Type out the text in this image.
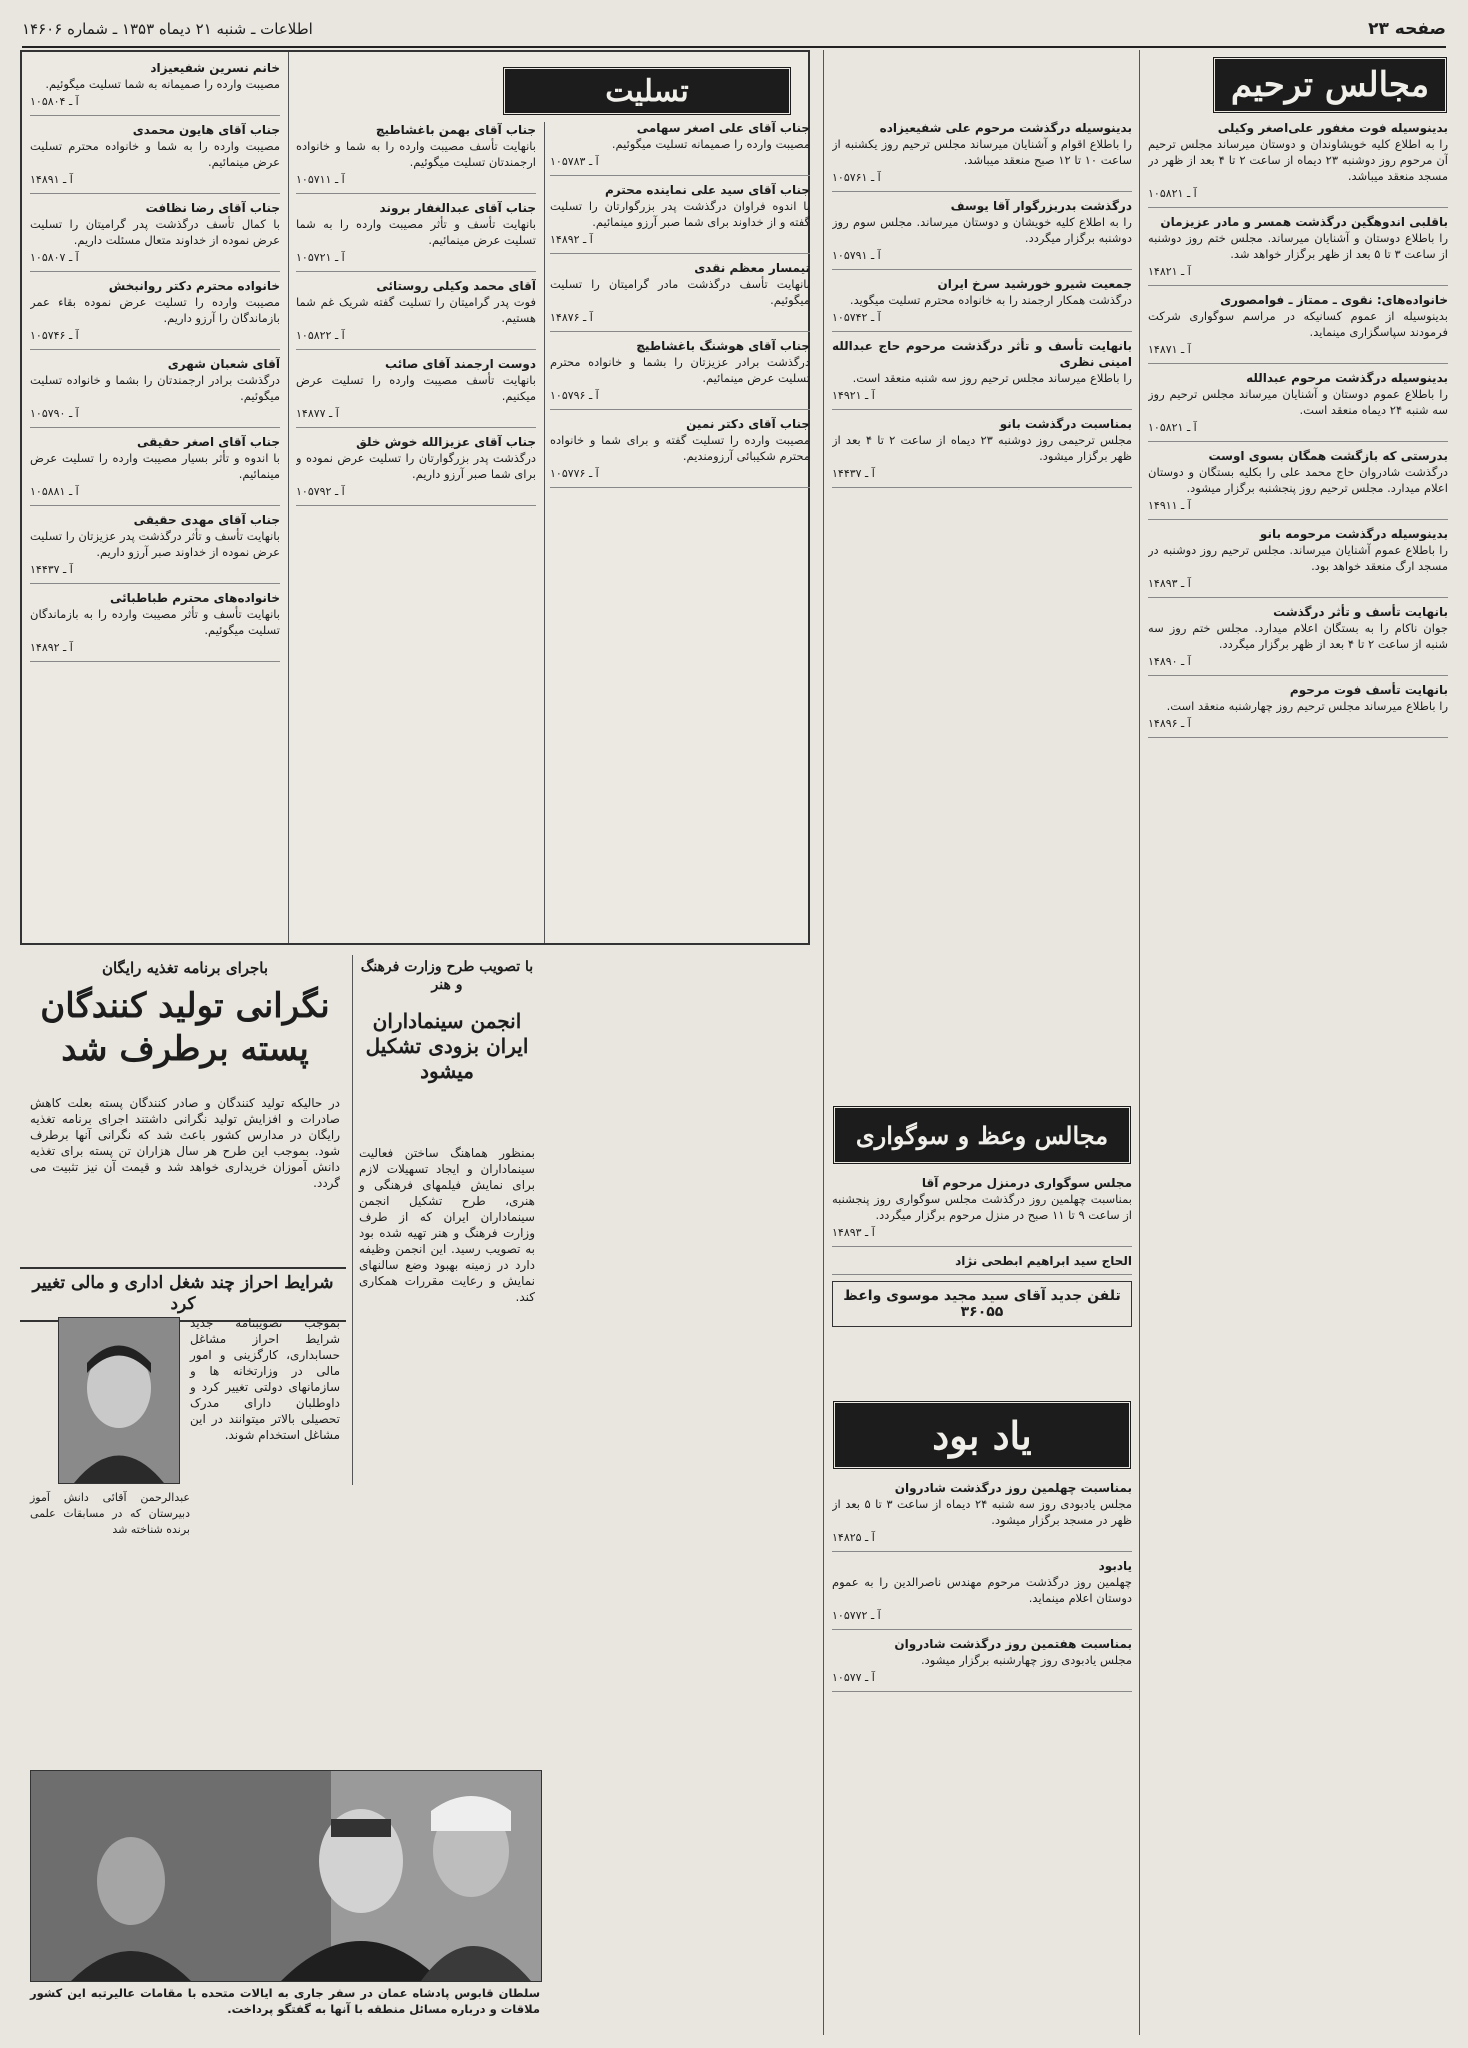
صفحه ۲۳
اطلاعات ـ شنبه ۲۱ دیماه ۱۳۵۳ ـ شماره ۱۴۶۰۶
مجالس ترحیم
بدینوسیله فوت مغفور علی‌اصغر وکیلی
را به اطلاع کلیه خویشاوندان و دوستان میرساند مجلس ترحیم آن مرحوم روز دوشنبه ۲۳ دیماه از ساعت ۲ تا ۴ بعد از ظهر در مسجد منعقد میباشد.
آ ـ ۱۰۵۸۲۱
باقلبی اندوهگین درگذشت همسر و مادر عزیزمان
را باطلاع دوستان و آشنایان میرساند. مجلس ختم روز دوشنبه از ساعت ۳ تا ۵ بعد از ظهر برگزار خواهد شد.
آ ـ ۱۴۸۲۱
خانواده‌های: نقوی ـ ممتاز ـ فوامصوری
بدینوسیله از عموم کسانیکه در مراسم سوگواری شرکت فرمودند سپاسگزاری مینماید.
آ ـ ۱۴۸۷۱
بدینوسیله درگذشت مرحوم عبدالله
را باطلاع عموم دوستان و آشنایان میرساند مجلس ترحیم روز سه شنبه ۲۴ دیماه منعقد است.
آ ـ ۱۰۵۸۲۱
بدرستی که بازگشت همگان بسوی اوست
درگذشت شادروان حاج محمد علی را بکلیه بستگان و دوستان اعلام میدارد. مجلس ترحیم روز پنجشنبه برگزار میشود.
آ ـ ۱۴۹۱۱
بدینوسیله درگذشت مرحومه بانو
را باطلاع عموم آشنایان میرساند. مجلس ترحیم روز دوشنبه در مسجد ارگ منعقد خواهد بود.
آ ـ ۱۴۸۹۳
بانهایت تأسف و تأثر درگذشت
جوان ناکام را به بستگان اعلام میدارد. مجلس ختم روز سه شنبه از ساعت ۲ تا ۴ بعد از ظهر برگزار میگردد.
آ ـ ۱۴۸۹۰
بانهایت تأسف فوت مرحوم
را باطلاع میرساند مجلس ترحیم روز چهارشنبه منعقد است.
آ ـ ۱۴۸۹۶
بدینوسیله درگذشت مرحوم علی شفیعیزاده
را باطلاع اقوام و آشنایان میرساند مجلس ترحیم روز یکشنبه از ساعت ۱۰ تا ۱۲ صبح منعقد میباشد.
آ ـ ۱۰۵۷۶۱
درگذشت بدربزرگوار آقا یوسف
را به اطلاع کلیه خویشان و دوستان میرساند. مجلس سوم روز دوشنبه برگزار میگردد.
آ ـ ۱۰۵۷۹۱
جمعیت شیرو خورشید سرخ ایران
درگذشت همکار ارجمند را به خانواده محترم تسلیت میگوید.
آ ـ ۱۰۵۷۴۲
بانهایت تأسف و تأثر درگذشت مرحوم حاج عبدالله امینی نظری
را باطلاع میرساند مجلس ترحیم روز سه شنبه منعقد است.
آ ـ ۱۴۹۲۱
بمناسبت درگذشت بانو
مجلس ترحیمی روز دوشنبه ۲۳ دیماه از ساعت ۲ تا ۴ بعد از ظهر برگزار میشود.
آ ـ ۱۴۴۳۷
مجالس وعظ و سوگواری
مجلس سوگواری درمنزل مرحوم آقا
بمناسبت چهلمین روز درگذشت مجلس سوگواری روز پنجشنبه از ساعت ۹ تا ۱۱ صبح در منزل مرحوم برگزار میگردد.
آ ـ ۱۴۸۹۳
الحاج سید ابراهیم ابطحی نژاد
تلفن جدید آقای سید مجید موسوی واعظ ۳۶۰۵۵
یاد بود
بمناسبت چهلمین روز درگذشت شادروان
مجلس یادبودی روز سه شنبه ۲۴ دیماه از ساعت ۳ تا ۵ بعد از ظهر در مسجد برگزار میشود.
آ ـ ۱۴۸۲۵
یادبود
چهلمین روز درگذشت مرحوم مهندس ناصرالدین را به عموم دوستان اعلام مینماید.
آ ـ ۱۰۵۷۷۲
بمناسبت هفتمین روز درگذشت شادروان
مجلس یادبودی روز چهارشنبه برگزار میشود.
آ ـ ۱۰۵۷۷
تسلیت
خانم نسرین شفیعیزاد
مصیبت وارده را صمیمانه به شما تسلیت میگوئیم.
آ ـ ۱۰۵۸۰۴
جناب آقای هایون محمدی
مصیبت وارده را به شما و خانواده محترم تسلیت عرض مینمائیم.
آ ـ ۱۴۸۹۱
جناب آقای رضا نظافت
با کمال تأسف درگذشت پدر گرامیتان را تسلیت عرض نموده از خداوند متعال مسئلت داریم.
آ ـ ۱۰۵۸۰۷
خانواده محترم دکتر روانبخش
مصیبت وارده را تسلیت عرض نموده بقاء عمر بازماندگان را آرزو داریم.
آ ـ ۱۰۵۷۴۶
آقای شعبان شهری
درگذشت برادر ارجمندتان را بشما و خانواده تسلیت میگوئیم.
آ ـ ۱۰۵۷۹۰
جناب آقای اصغر حقیقی
با اندوه و تأثر بسیار مصیبت وارده را تسلیت عرض مینمائیم.
آ ـ ۱۰۵۸۸۱
جناب آقای مهدی حقیقی
بانهایت تأسف و تأثر درگذشت پدر عزیزتان را تسلیت عرض نموده از خداوند صبر آرزو داریم.
آ ـ ۱۴۴۳۷
خانواده‌های محترم طباطبائی
بانهایت تأسف و تأثر مصیبت وارده را به بازماندگان تسلیت میگوئیم.
آ ـ ۱۴۸۹۲
جناب آقای بهمن باغشاطیچ
بانهایت تأسف مصیبت وارده را به شما و خانواده ارجمندتان تسلیت میگوئیم.
آ ـ ۱۰۵۷۱۱
جناب آقای عبدالغفار بروند
بانهایت تأسف و تأثر مصیبت وارده را به شما تسلیت عرض مینمائیم.
آ ـ ۱۰۵۷۲۱
آقای محمد وکیلی روستائی
فوت پدر گرامیتان را تسلیت گفته شریک غم شما هستیم.
آ ـ ۱۰۵۸۲۲
دوست ارجمند آقای صائب
بانهایت تأسف مصیبت وارده را تسلیت عرض میکنیم.
آ ـ ۱۴۸۷۷
جناب آقای عزیزالله خوش خلق
درگذشت پدر بزرگوارتان را تسلیت عرض نموده و برای شما صبر آرزو داریم.
آ ـ ۱۰۵۷۹۲
جناب آقای علی اصغر سهامی
مصیبت وارده را صمیمانه تسلیت میگوئیم.
آ ـ ۱۰۵۷۸۳
جناب آقای سید علی نماینده محترم
با اندوه فراوان درگذشت پدر بزرگوارتان را تسلیت گفته و از خداوند برای شما صبر آرزو مینمائیم.
آ ـ ۱۴۸۹۲
تیمسار معظم نقدی
بانهایت تأسف درگذشت مادر گرامیتان را تسلیت میگوئیم.
آ ـ ۱۴۸۷۶
جناب آقای هوشنگ باغشاطیچ
درگذشت برادر عزیزتان را بشما و خانواده محترم تسلیت عرض مینمائیم.
آ ـ ۱۰۵۷۹۶
جناب آقای دکتر نمین
مصیبت وارده را تسلیت گفته و برای شما و خانواده محترم شکیبائی آرزومندیم.
آ ـ ۱۰۵۷۷۶
باجرای برنامه تغذیه رایگان
نگرانی تولید کنندگان پسته برطرف شد
در حالیکه تولید کنندگان و صادر کنندگان پسته بعلت کاهش صادرات و افزایش تولید نگرانی داشتند اجرای برنامه تغذیه رایگان در مدارس کشور باعث شد که نگرانی آنها برطرف شود. بموجب این طرح هر سال هزاران تن پسته برای تغذیه دانش آموزان خریداری خواهد شد و قیمت آن نیز تثبیت می گردد.
با تصویب طرح وزارت فرهنگ و هنر
انجمن سینماداران ایران بزودی تشکیل میشود
بمنظور هماهنگ ساختن فعالیت سینماداران و ایجاد تسهیلات لازم برای نمایش فیلمهای فرهنگی و هنری، طرح تشکیل انجمن سینماداران ایران که از طرف وزارت فرهنگ و هنر تهیه شده بود به تصویب رسید. این انجمن وظیفه دارد در زمینه بهبود وضع سالنهای نمایش و رعایت مقررات همکاری کند.
شرایط احراز چند شغل اداری و مالی تغییر کرد
بموجب تصویبنامه جدید شرایط احراز مشاغل حسابداری، کارگزینی و امور مالی در وزارتخانه ها و سازمانهای دولتی تغییر کرد و داوطلبان دارای مدرک تحصیلی بالاتر میتوانند در این مشاغل استخدام شوند.
عبدالرحمن آقائی دانش آموز دبیرستان که در مسابقات علمی برنده شناخته شد
سلطان قابوس پادشاه عمان در سفر جاری به ایالات متحده با مقامات عالیرتبه این کشور ملاقات و درباره مسائل منطقه با آنها به گفتگو پرداخت.
